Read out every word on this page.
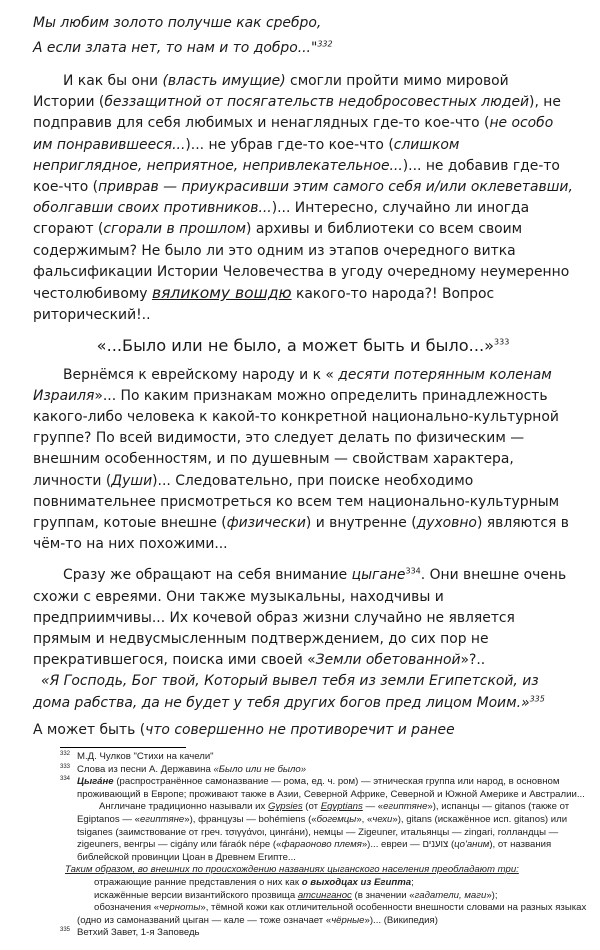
Мы любим золото получше как сребро,

А если злата нет, то нам и то добро..."$^{332}$

И как бы они (власть имущие) смогли пройти мимо мировой Истории (беззащитной от посягательств недобросовестных людей), не подправив для себя любимых и ненаглядных где-то кое-что (не особо им понравившееся...)... не убрав где-то кое-что (слишком неприглядное, неприятное, непривлекательное...)... не добавив где-то кое-что (приврав — приукрасивши этим самого себя и/или оклеветавши, оболгавши своих противников...)... Интересно, случайно ли иногда сгорают (сгорали в прошлом) архивы и библиотеки со всем своим содержимым? Не было ли это одним из этапов очередного витка фальсификации Истории Человечества в угоду очередному неумеренно честолюбивому вяликому вошдю какого-то народа?! Вопрос риторический!..

«...Было или не было, а может быть и было...»$^{333}$

Вернёмся к еврейскому народу и к « десяти потерянным коленам Израиля»... По каким признакам можно определить принадлежность какого-либо человека к какой-то конкретной национально-культурной группе? По всей видимости, это следует делать по физическим — внешним особенностям, и по душевным — свойствам характера, личности (Души)... Следовательно, при поиске необходимо повнимательнее присмотреться ко всем тем национально-культурным группам, котоые внешне (физически) и внутренне (духовно) являются в чём-то на них похожими...

Сразу же обращают на себя внимание цыгане$^{334}$. Они внешне очень схожи с евреями. Они также музыкальны, находчивы и предприимчивы... Их кочевой образ жизни случайно не является прямым и недвусмысленным подтверждением, до сих пор не прекратившегося, поиска ими своей «Земли обетованной»?..

«Я Господь, Бог твой, Который вывел тебя из земли Египетской, из дома рабства, да не будет у тебя других богов пред лицом Моим.»$^{335}$

А может быть (что совершенно не противоречит и ранее

332 М.Д. Чулков "Стихи на качели"

333 Слова из песни А. Державина «Было или не было»

334 Цыга́не (распространённое самоназвание — рома, ед. ч. ром) — этническая группа или народ, в основном проживающий в Европе; проживают также в Азии, Северной Африке, Северной и Южной Америке и Австралии...

Англичане традиционно называли их Gypsies (от Egyptians — «египтяне»), испанцы — gitanos (также от Egiptanos — «египтяне»), французы — bohémiens («богемцы», «чехи»), gitans (искажённое исп. gitanos) или tsiganes (заимствование от греч. τσιγγάνοι, цинга́ни), немцы — Zigeuner, итальянцы — zingari, голландцы — zigeuners, венгры — cigány или fáraók népe («фараоново племя»)... евреи — צוענים (цо'аним), от названия библейской провинции Цоан в Древнем Египте...

Таким образом, во внешних по происхождению названиях цыганского населения преобладают три:

отражающие ранние представления о них как о выходцах из Египта;

искажённые версии византийского прозвища атсинганос (в значении «гадатели, маги»);

обозначения «черноты», тёмной кожи как отличительной особенности внешности словами на разных языках (одно из самоназваний цыган — кале — тоже означает «чёрные»)... (Википедия)

335 Ветхий Завет, 1-я Заповедь
